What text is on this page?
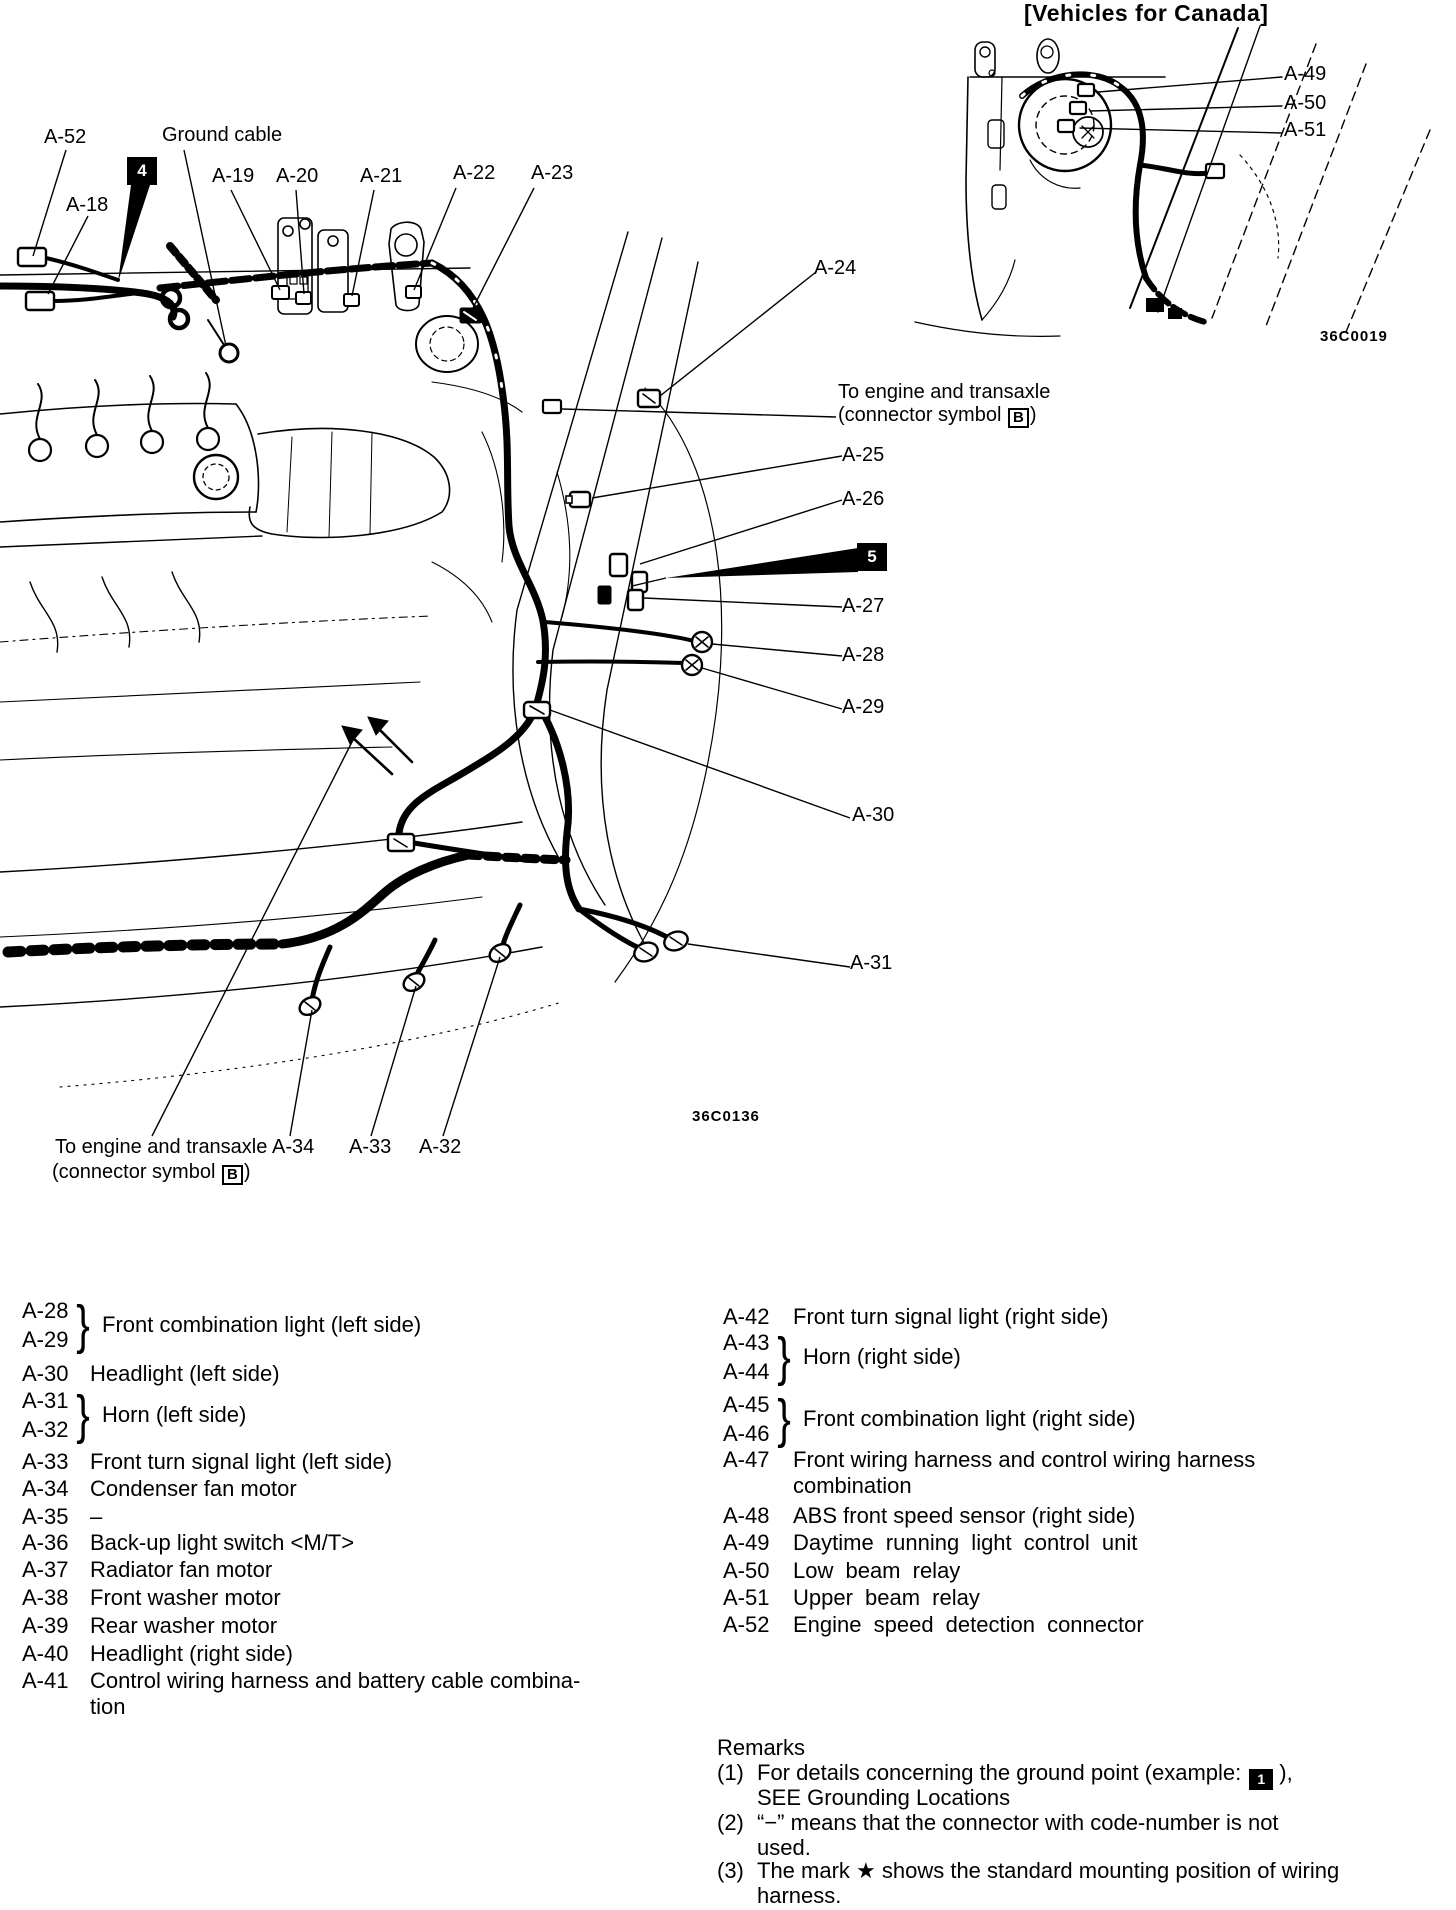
[Vehicles for Canada]
A-49
A-50
A-51
36C0019
A-52	Ground cable
4
A-18
A-19 A-20 A-21	A-22 A-23
A-24
To engine and transaxle
(connector symbol B )
A-25
A-26
5
A-27
A-28
A-29
A-30
A-31
36C0136
To engine and transaxle A-34 A-33 A-32
(connector symbol B )
A-28
A-29 } Front combination light (left side)
A-30 Headlight (left side)
A-31
A-32 } Horn (left side)
A-33 Front turn signal light (left side)
A-34 Condenser fan motor
A-35 –
A-36 Back-up light switch <M/T>
A-37 Radiator fan motor
A-38 Front washer motor
A-39 Rear washer motor
A-40 Headlight (right side)
A-41 Control wiring harness and battery cable combina-
tion
A-42	Front turn signal light (right side)
A-43
A-44 } Horn (right side)
A-45
A-46 } Front combination light (right side)
A-47	Front wiring harness and control wiring harness
combination
A-48	ABS front speed sensor (right side)
A-49	Daytime running light control unit
A-50	Low beam relay
A-51	Upper beam relay
A-52	Engine speed detection connector
Remarks
(1) For details concerning the ground point (example: 1 ),
SEE Grounding Locations
(2) “−” means that the connector with code-number is not
used.
(3) The mark ★ shows the standard mounting position of wiring
harness.
